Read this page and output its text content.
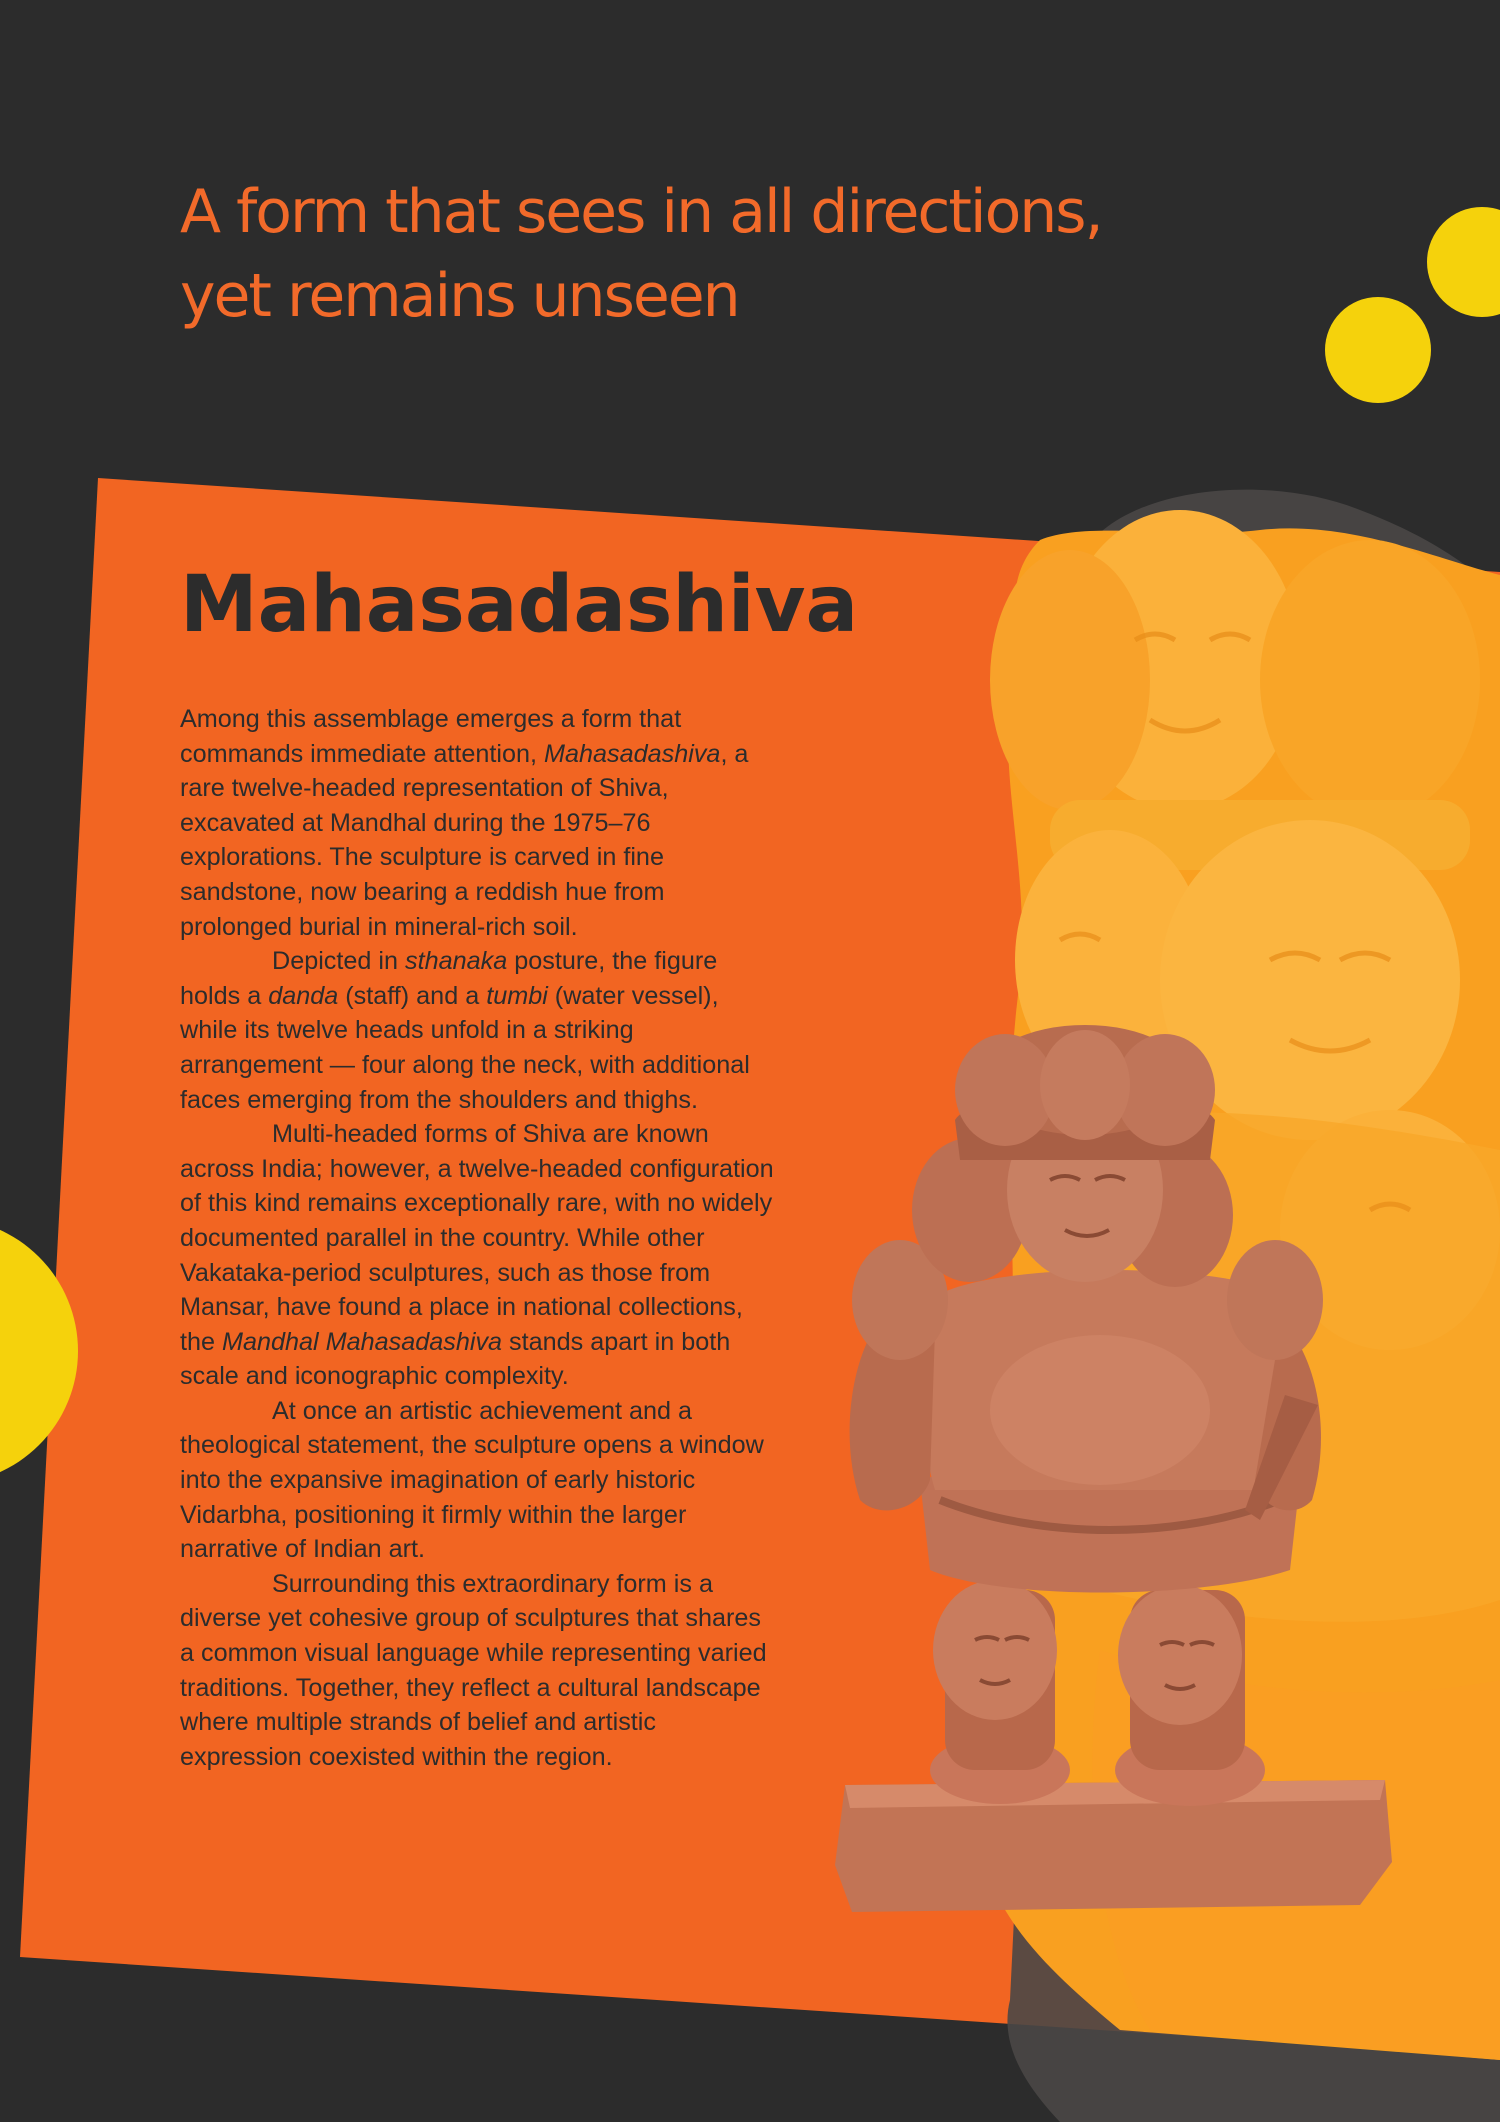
A form that sees in all directions,
yet remains unseen
Mahasadashiva

Among this assemblage emerges a form that commands immediate attention, Mahasadashiva, a rare twelve-headed representation of Shiva, excavated at Mandhal during the 1975–76 explorations. The sculpture is carved in fine sandstone, now bearing a reddish hue from prolonged burial in mineral-rich soil.

Depicted in sthanaka posture, the figure holds a danda (staff) and a tumbi (water vessel), while its twelve heads unfold in a striking arrangement — four along the neck, with additional faces emerging from the shoulders and thighs.

Multi-headed forms of Shiva are known across India; however, a twelve-headed configuration of this kind remains exceptionally rare, with no widely documented parallel in the country. While other Vakataka-period sculptures, such as those from Mansar, have found a place in national collections, the Mandhal Mahasadashiva stands apart in both scale and iconographic complexity.

At once an artistic achievement and a theological statement, the sculpture opens a window into the expansive imagination of early historic Vidarbha, positioning it firmly within the larger narrative of Indian art.

Surrounding this extraordinary form is a diverse yet cohesive group of sculptures that shares a common visual language while representing varied traditions. Together, they reflect a cultural landscape where multiple strands of belief and artistic expression coexisted within the region.
